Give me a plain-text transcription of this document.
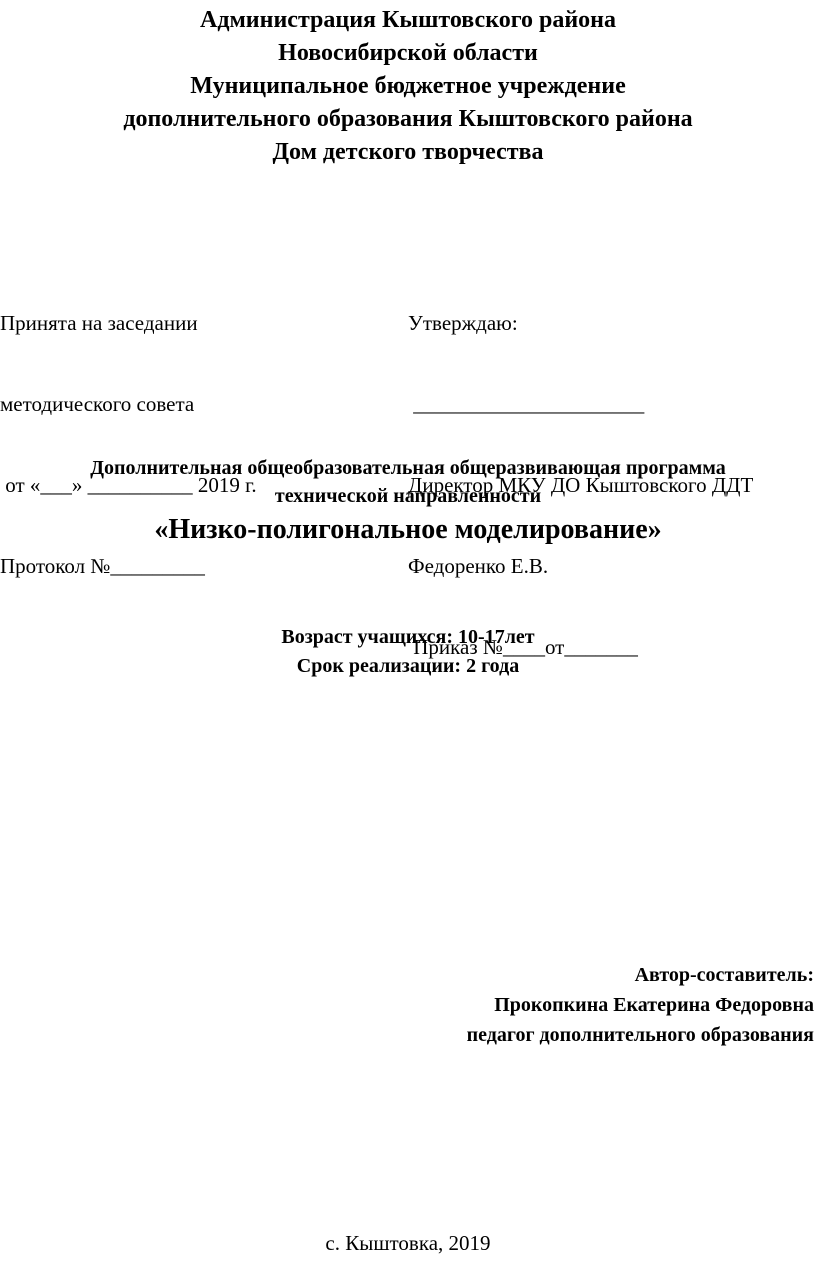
Администрация Кыштовского района
Новосибирской области
Муниципальное бюджетное учреждение
дополнительного образования Кыштовского района
Дом детского творчества

Принята на заседании

методического совета

от «___» __________ 2019 г.

Протокол №_________

Утверждаю:

______________________

Директор МКУ ДО Кыштовского ДДТ

Федоренко Е.В.

Приказ №____от_______

Дополнительная общеобразовательная общеразвивающая программа
технической направленности
«Низко-полигональное моделирование»
Возраст учащихся: 10-17лет
Срок реализации: 2 года
Автор-составитель:
Прокопкина Екатерина Федоровна
педагог дополнительного образования
с. Кыштовка, 2019
